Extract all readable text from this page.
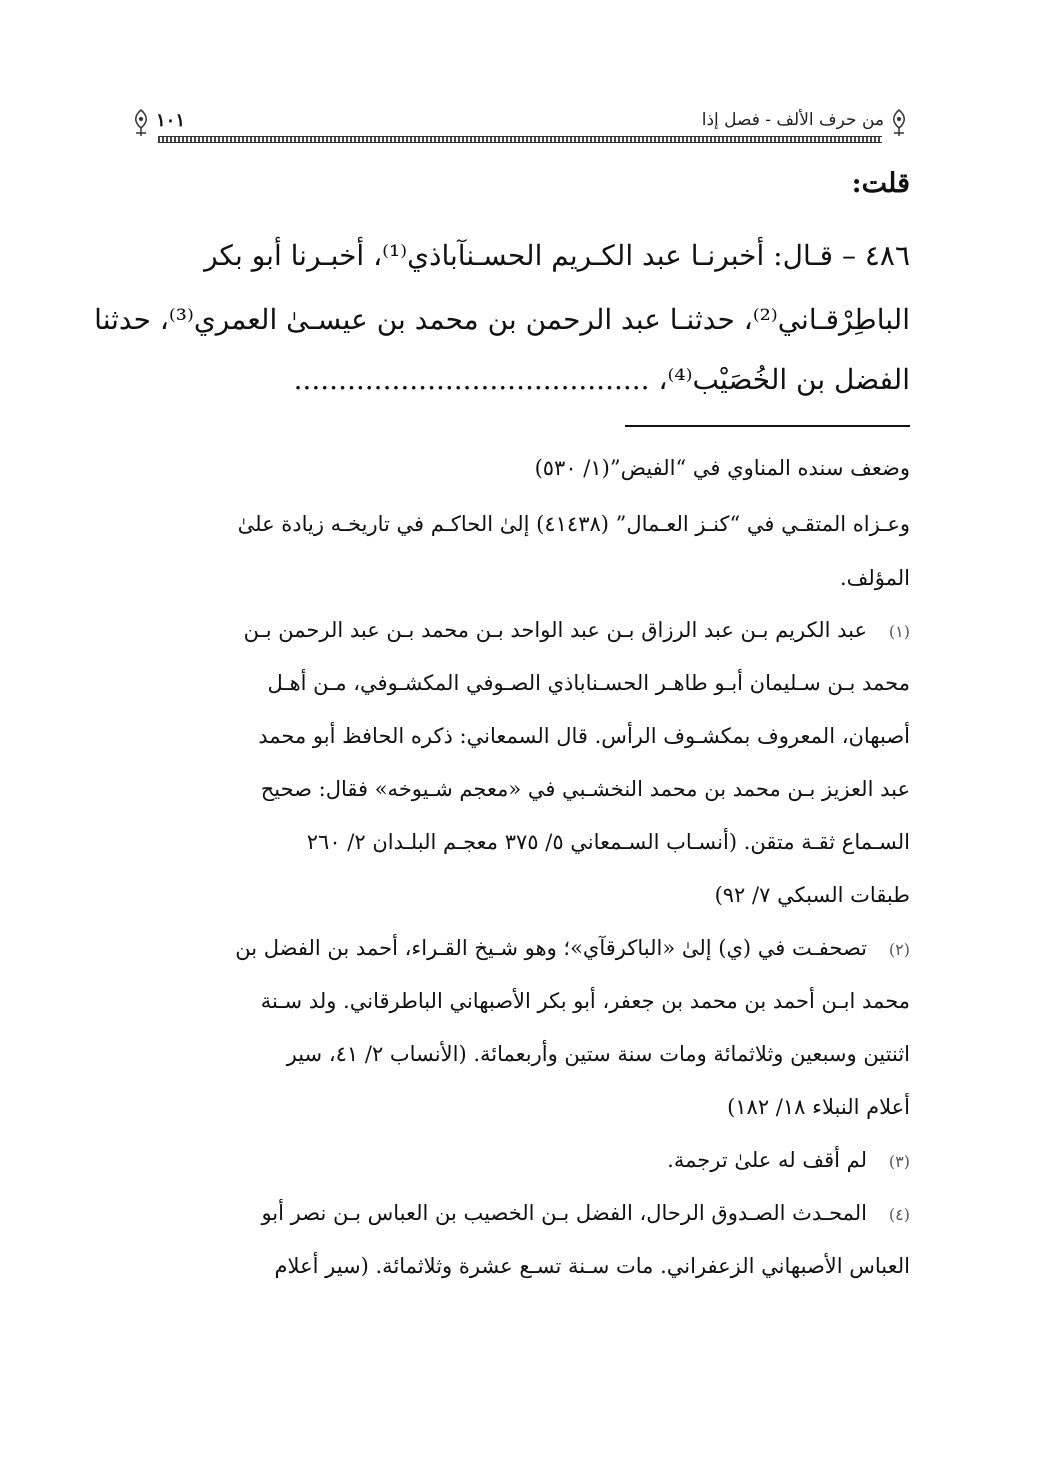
من حرف الألف - فصل إذا
١٠١
قلت:
٤٨٦ – قـال: أخبرنـا عبد الكـريم الحسـنآباذي⁽¹⁾، أخبـرنا أبو بكر
الباطِرْقـاني⁽²⁾، حدثنـا عبد الرحمن بن محمد بن عيسـىٰ العمري⁽³⁾، حدثنا
الفضل بن الخُصَيْب⁽⁴⁾، ........................................
وضعف سنده المناوي في “الفيض”(١/ ٥٣٠)
وعـزاه المتقـي في “كنـز العـمال” (٤١٤٣٨) إلىٰ الحاكـم في تاريخـه زيادة علىٰ
المؤلف.
(١)
عبد الكريم بـن عبد الرزاق بـن عبد الواحد بـن محمد بـن عبد الرحمن بـن
محمد بـن سـليمان أبـو طاهـر الحسـناباذي الصـوفي المكشـوفي، مـن أهـل
أصبهان، المعروف بمكشـوف الرأس. قال السمعاني: ذكره الحافظ أبو محمد
عبد العزيز بـن محمد بن محمد النخشـبي في «معجم شـيوخه» فقال: صحيح
السـماع ثقـة متقن. (أنسـاب السـمعاني ٥/ ٣٧٥ معجـم البلـدان ٢/ ٢٦٠
طبقات السبكي ٧/ ٩٢)
(٢)
تصحفـت في (ي) إلىٰ «الباكرقآي»؛ وهو شـيخ القـراء، أحمد بن الفضل بن
محمد ابـن أحمد بن محمد بن جعفر، أبو بكر الأصبهاني الباطرقاني. ولد سـنة
اثنتين وسبعين وثلاثمائة ومات سنة ستين وأربعمائة. (الأنساب ٢/ ٤١، سير
أعلام النبلاء ١٨/ ١٨٢)
(٣)
لم أقف له علىٰ ترجمة.
(٤)
المحـدث الصـدوق الرحال، الفضل بـن الخصيب بن العباس بـن نصر أبو
العباس الأصبهاني الزعفراني. مات سـنة تسـع عشرة وثلاثمائة. (سير أعلام
